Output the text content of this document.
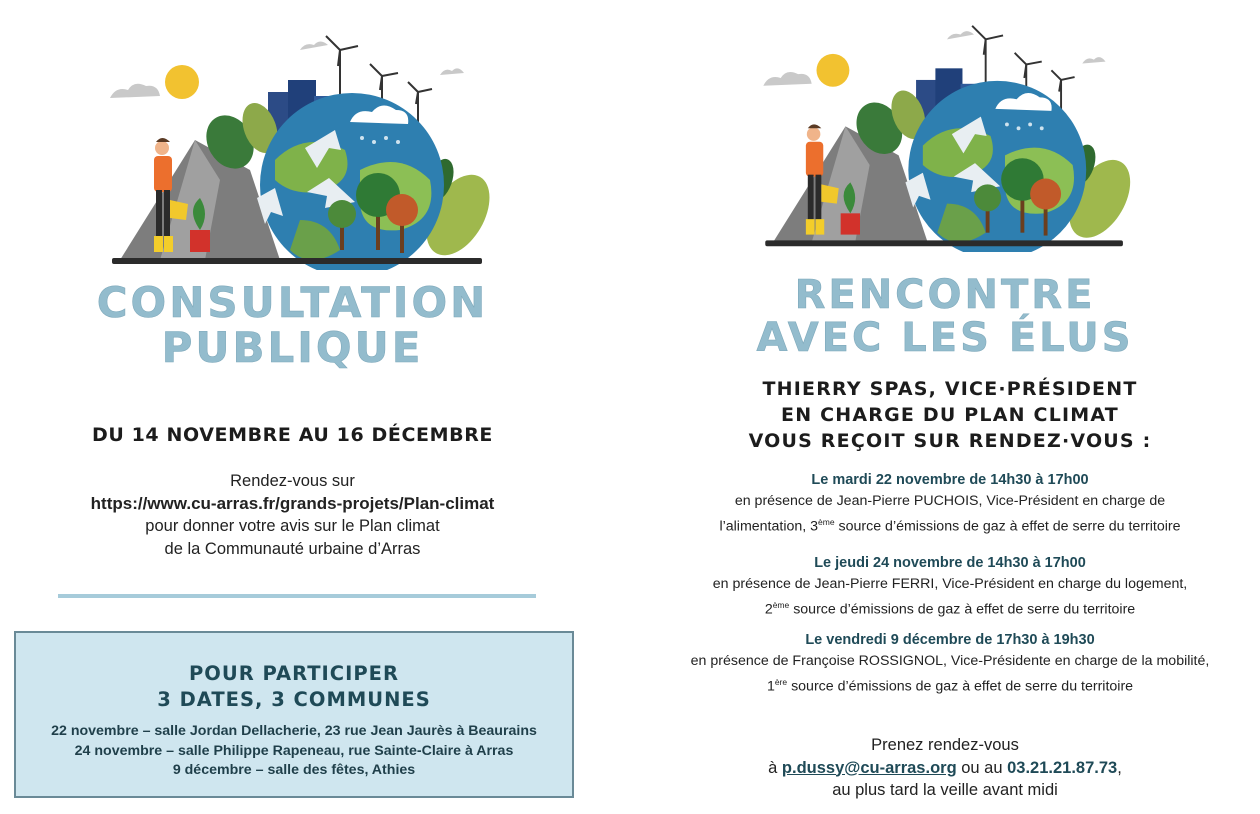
CONSULTATION
PUBLIQUE
DU 14 NOVEMBRE AU 16 DÉCEMBRE
Rendez-vous sur
https://www.cu-arras.fr/grands-projets/Plan-climat
pour donner votre avis sur le Plan climat
de la Communauté urbaine d’Arras
POUR PARTICIPER
3 DATES, 3 COMMUNES
22 novembre – salle Jordan Dellacherie, 23 rue Jean Jaurès à Beaurains
24 novembre – salle Philippe Rapeneau, rue Sainte-Claire à Arras
9 décembre – salle des fêtes, Athies
RENCONTRE
AVEC LES ÉLUS
THIERRY SPAS, VICE·PRÉSIDENT
EN CHARGE DU PLAN CLIMAT
VOUS REÇOIT SUR RENDEZ·VOUS :
Le mardi 22 novembre de 14h30 à 17h00
en présence de Jean-Pierre PUCHOIS, Vice-Président en charge de
l’alimentation, 3ème source d’émissions de gaz à effet de serre du territoire
Le jeudi 24 novembre de 14h30 à 17h00
en présence de Jean-Pierre FERRI, Vice-Président en charge du logement,
2ème source d’émissions de gaz à effet de serre du territoire
Le vendredi 9 décembre de 17h30 à 19h30
en présence de Françoise ROSSIGNOL, Vice-Présidente en charge de la mobilité,
1ère source d’émissions de gaz à effet de serre du territoire
Prenez rendez-vous
à p.dussy@cu-arras.org ou au 03.21.21.87.73,
au plus tard la veille avant midi
